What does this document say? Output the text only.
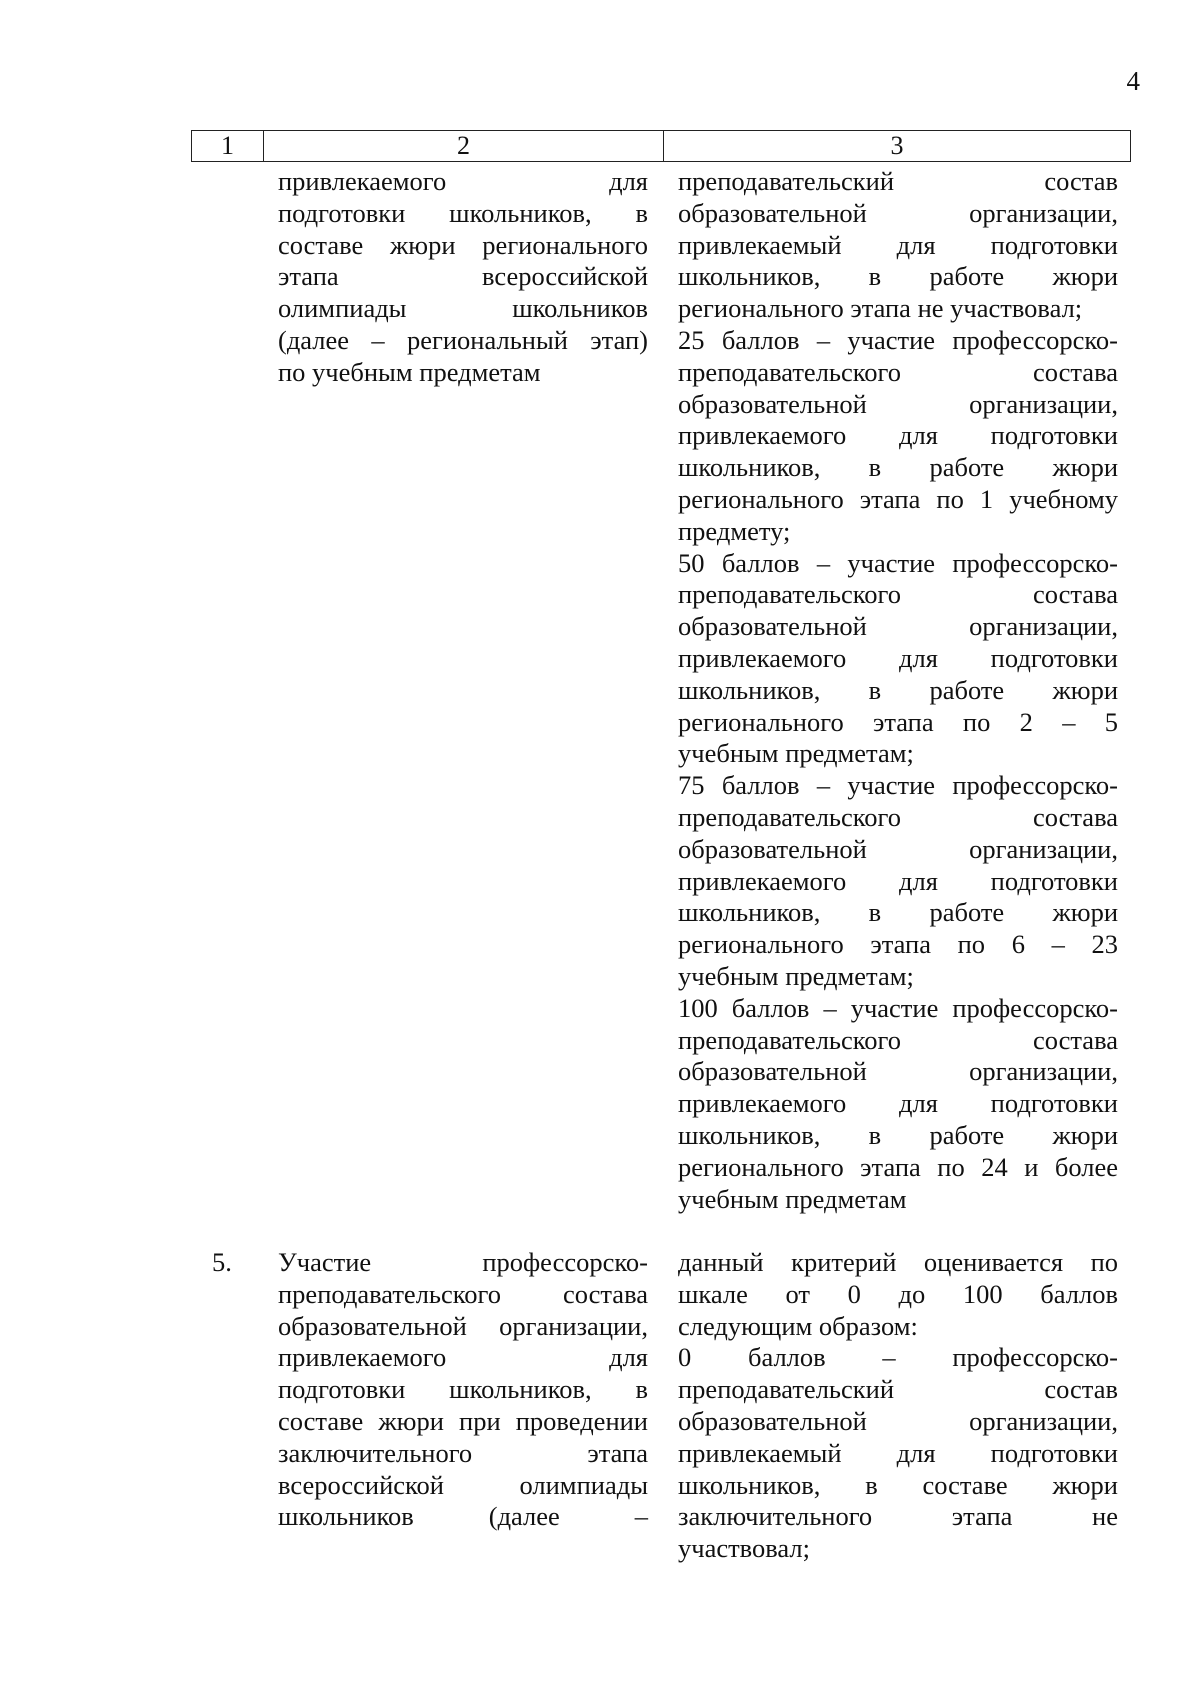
4
1	2	3

привлекаемого для

подготовки школьников, в

составе жюри регионального

этапа всероссийской

олимпиады школьников

(далее – региональный этап)

по учебным предметам

преподавательский состав

образовательной организации,

привлекаемый для подготовки

школьников, в работе жюри

регионального этапа не участвовал;

25 баллов – участие профессорско-

преподавательского состава

образовательной организации,

привлекаемого для подготовки

школьников, в работе жюри

регионального этапа по 1 учебному

предмету;

50 баллов – участие профессорско-

преподавательского состава

образовательной организации,

привлекаемого для подготовки

школьников, в работе жюри

регионального этапа по 2 – 5

учебным предметам;

75 баллов – участие профессорско-

преподавательского состава

образовательной организации,

привлекаемого для подготовки

школьников, в работе жюри

регионального этапа по 6 – 23

учебным предметам;

100 баллов – участие профессорско-

преподавательского состава

образовательной организации,

привлекаемого для подготовки

школьников, в работе жюри

регионального этапа по 24 и более

учебным предметам

5. Участие профессорско-

преподавательского состава

образовательной организации,

привлекаемого для

подготовки школьников, в

составе жюри при проведении

заключительного этапа

всероссийской олимпиады

школьников (далее –

данный критерий оценивается по

шкале от 0 до 100 баллов

следующим образом:

0 баллов – профессорско-

преподавательский состав

образовательной организации,

привлекаемый для подготовки

школьников, в составе жюри

заключительного этапа не

участвовал;
